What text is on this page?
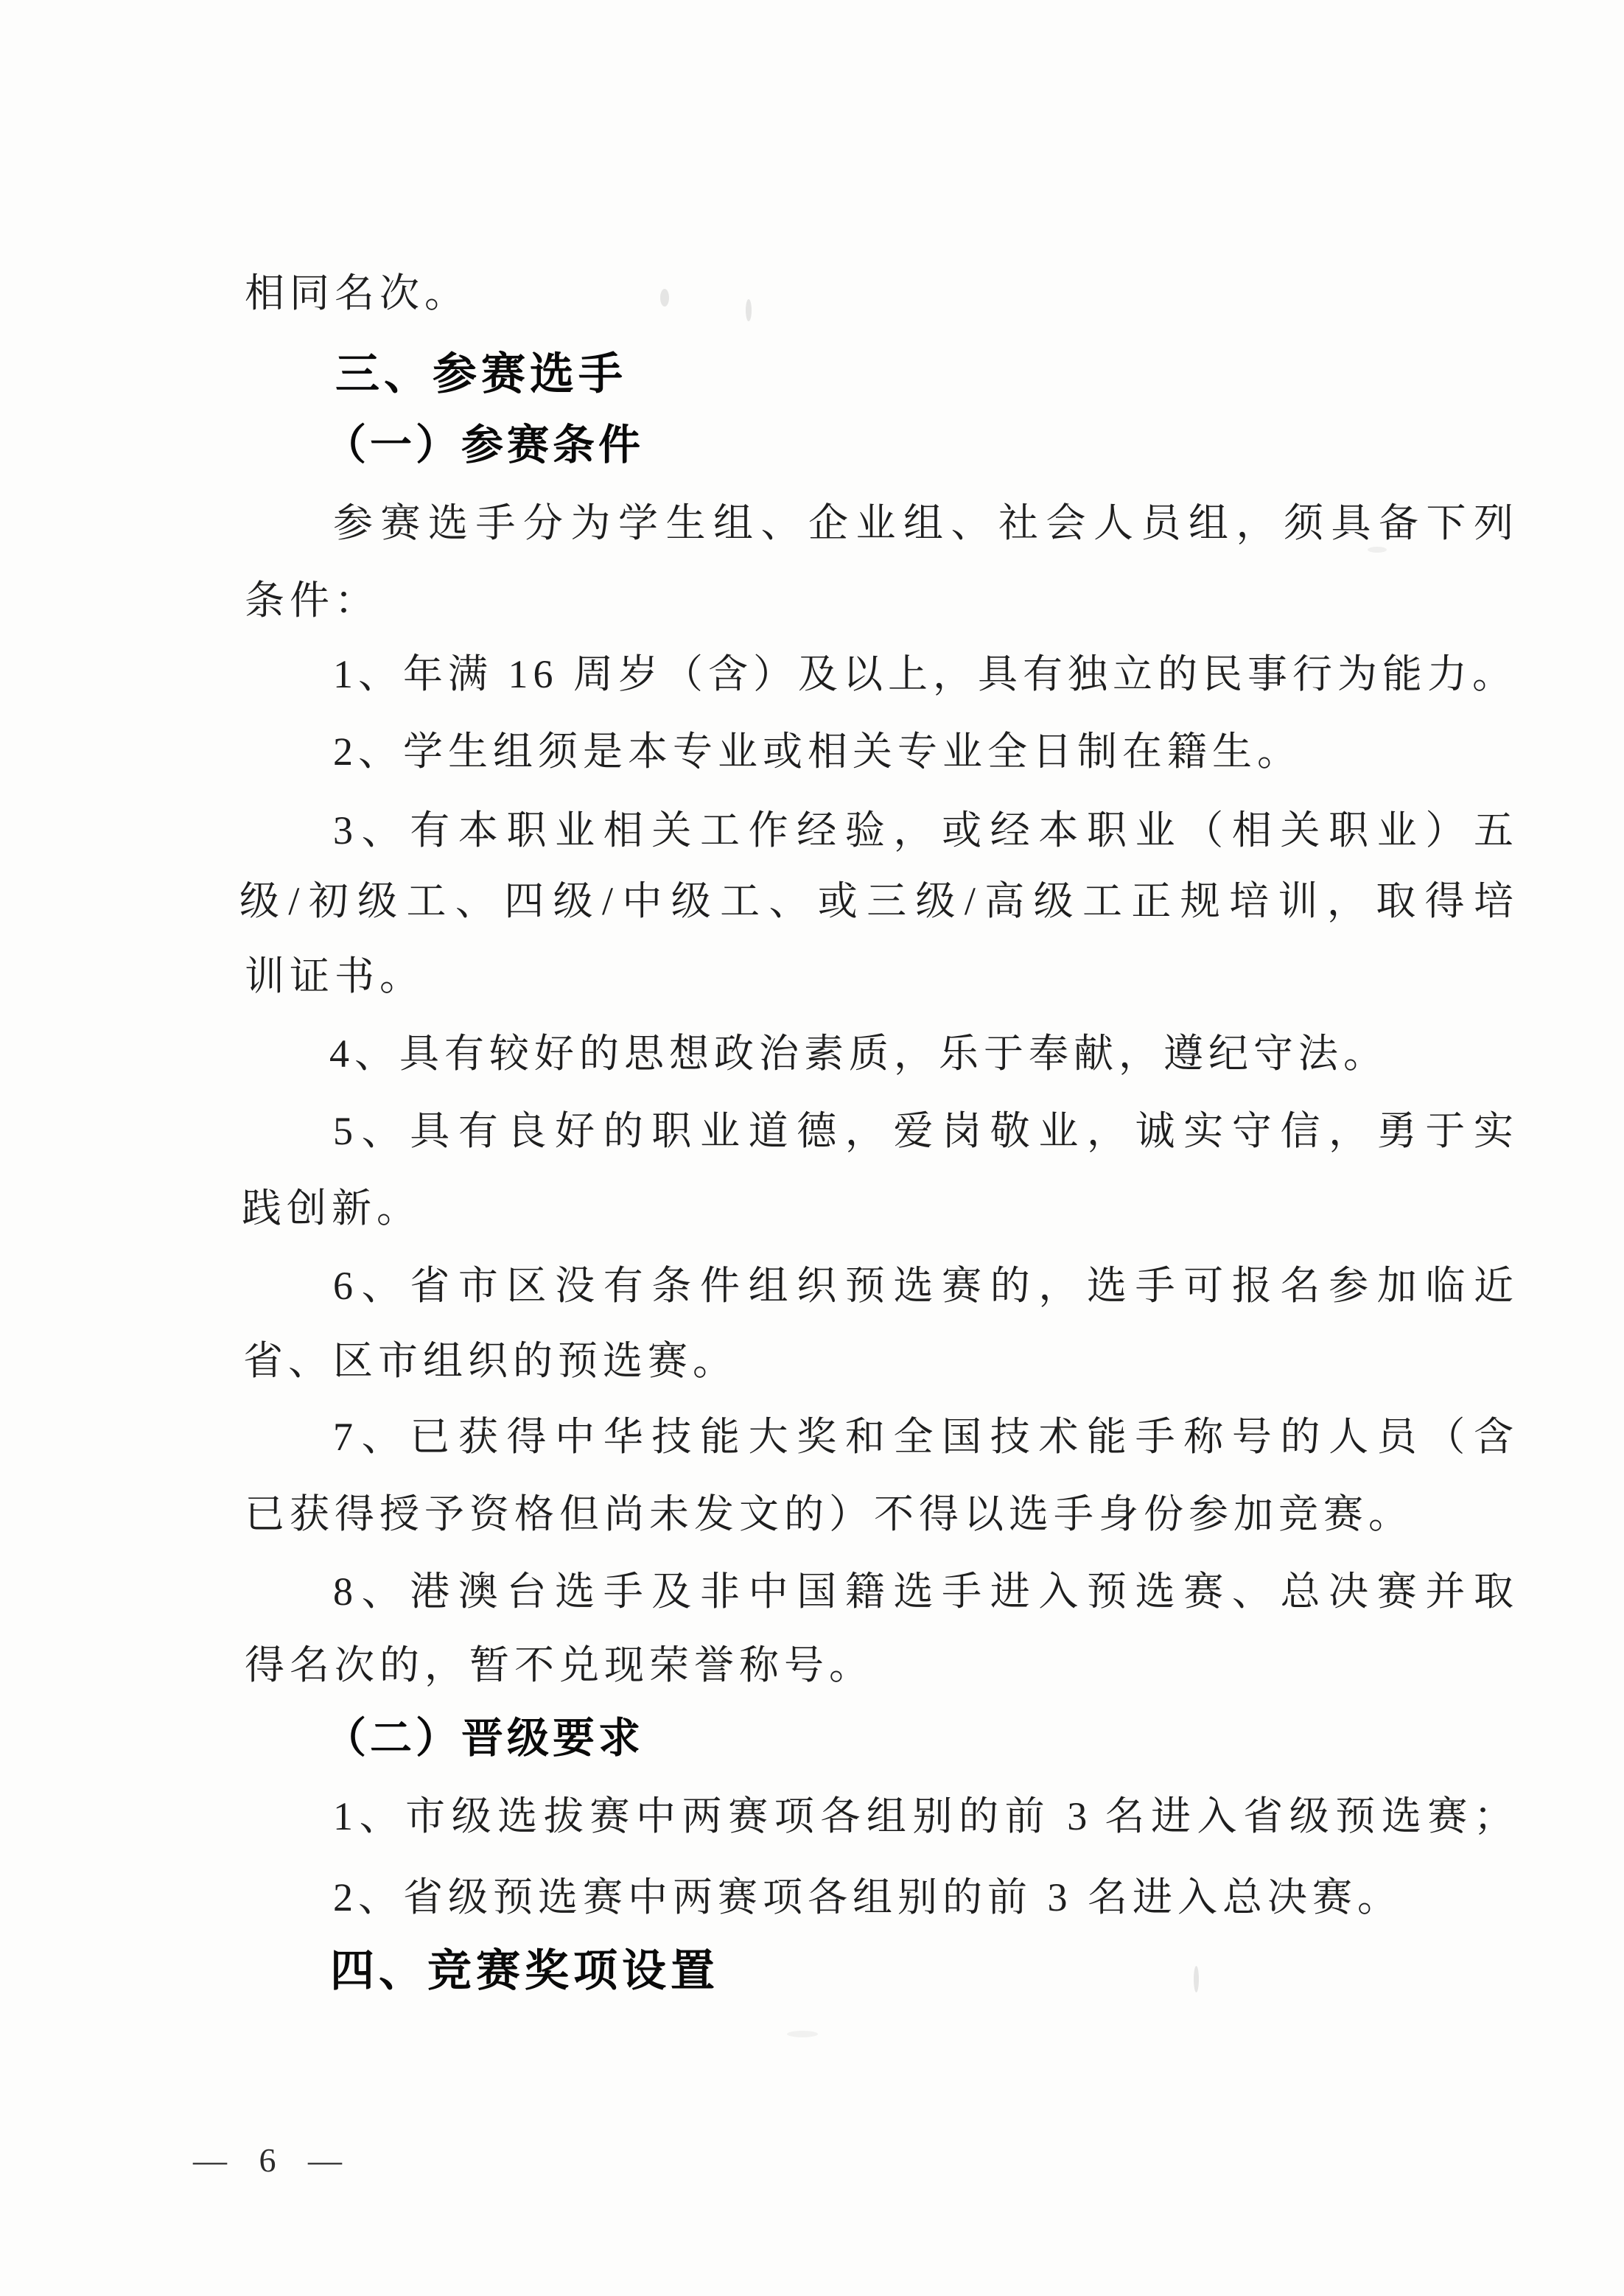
相同名次。
三、参赛选手
（一）参赛条件
参赛选手分为学生组、企业组、社会人员组，须具备下列
条件：
1、年满 16 周岁（含）及以上，具有独立的民事行为能力。
2、学生组须是本专业或相关专业全日制在籍生。
3、有本职业相关工作经验，或经本职业（相关职业）五
级/初级工、四级/中级工、或三级/高级工正规培训，取得培
训证书。
4、具有较好的思想政治素质，乐于奉献，遵纪守法。
5、具有良好的职业道德，爱岗敬业，诚实守信，勇于实
践创新。
6、省市区没有条件组织预选赛的，选手可报名参加临近
省、区市组织的预选赛。
7、已获得中华技能大奖和全国技术能手称号的人员（含
已获得授予资格但尚未发文的）不得以选手身份参加竞赛。
8、港澳台选手及非中国籍选手进入预选赛、总决赛并取
得名次的，暂不兑现荣誉称号。
（二）晋级要求
1、市级选拔赛中两赛项各组别的前 3 名进入省级预选赛；
2、省级预选赛中两赛项各组别的前 3 名进入总决赛。
四、竞赛奖项设置
— 6 —
